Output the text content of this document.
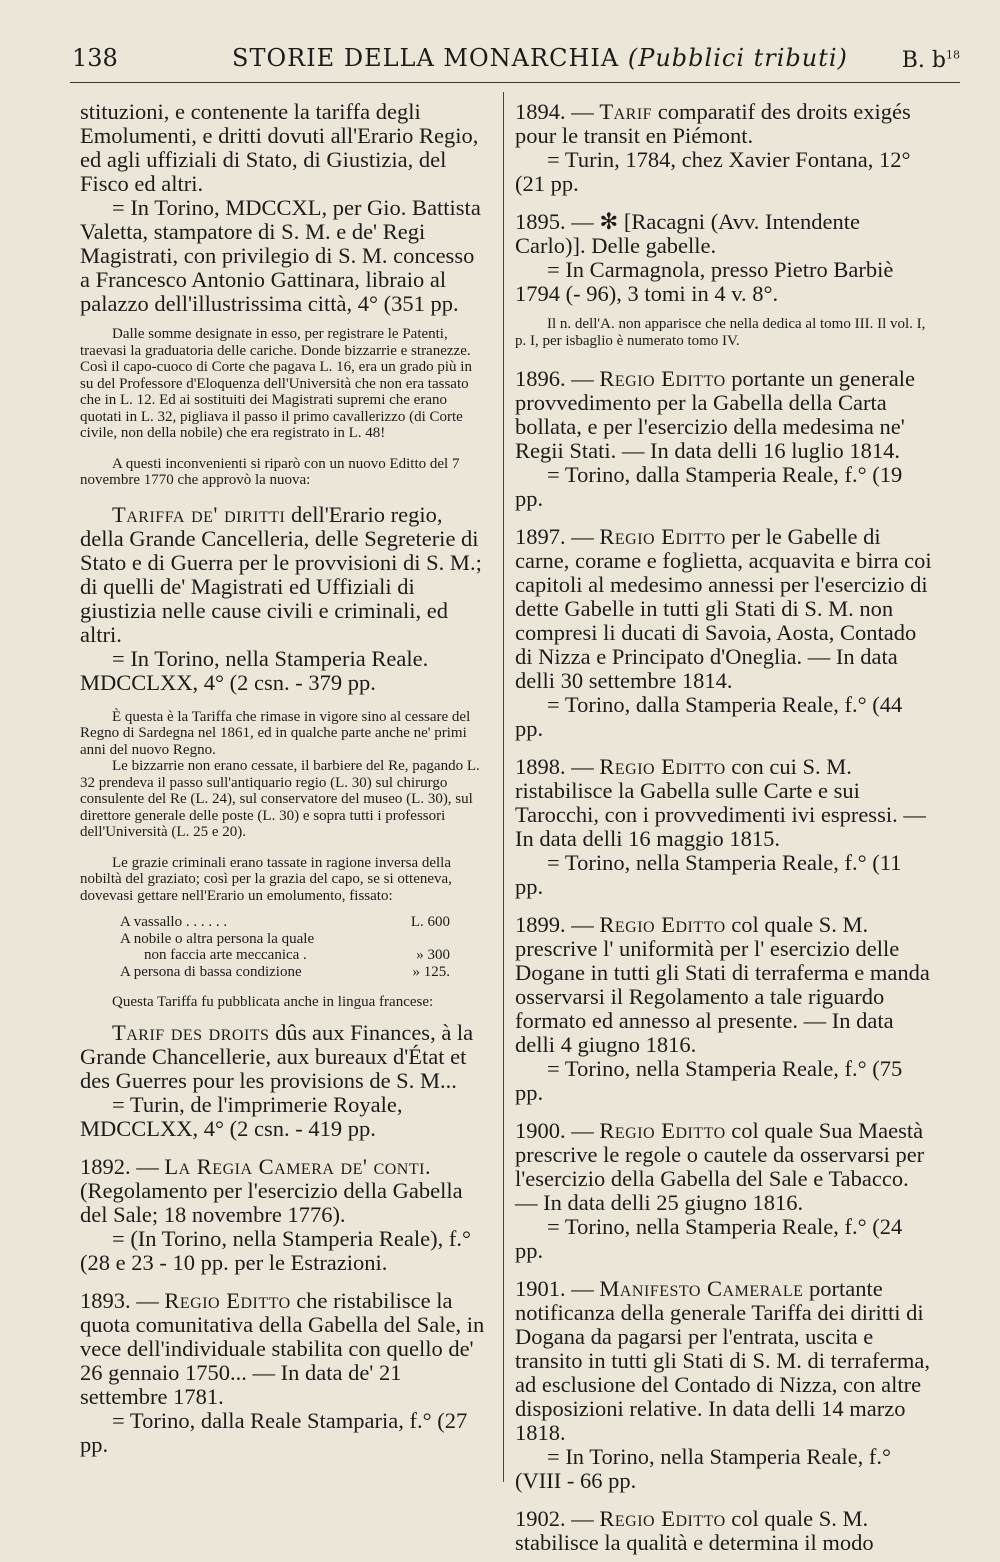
138	STORIE DELLA MONARCHIA (Pubblici tributi) B. $b^{18}$

stituzioni, e contenente la tariffa degli Emolumenti, e dritti dovuti all'Erario Regio, ed agli uffiziali di Stato, di Giustizia, del Fisco ed altri.

= In Torino, MDCCXL, per Gio. Battista Valetta, stampatore di S. M. e de' Regi Magistrati, con privilegio di S. M. concesso a Francesco Antonio Gattinara, libraio al palazzo dell'illustrissima città, 4° (351 pp.

Dalle somme designate in esso, per registrare le Patenti, traevasi la graduatoria delle cariche. Donde bizzarrie e stranezze. Così il capo-cuoco di Corte che pagava L. 16, era un grado più in su del Professore d'Eloquenza dell'Università che non era tassato che in L. 12. Ed ai sostituiti dei Magistrati supremi che erano quotati in L. 32, pigliava il passo il primo cavallerizzo (di Corte civile, non della nobile) che era registrato in L. 48!

A questi inconvenienti si riparò con un nuovo Editto del 7 novembre 1770 che approvò la nuova:

Tariffa de' diritti dell'Erario regio, della Grande Cancelleria, delle Segreterie di Stato e di Guerra per le provvisioni di S. M.; di quelli de' Magistrati ed Uffiziali di giustizia nelle cause civili e criminali, ed altri.

= In Torino, nella Stamperia Reale. MDCCLXX, 4° (2 csn. - 379 pp.

È questa è la Tariffa che rimase in vigore sino al cessare del Regno di Sardegna nel 1861, ed in qualche parte anche ne' primi anni del nuovo Regno.

Le bizzarrie non erano cessate, il barbiere del Re, pagando L. 32 prendeva il passo sull'antiquario regio (L. 30) sul chirurgo consulente del Re (L. 24), sul conservatore del museo (L. 30), sul direttore generale delle poste (L. 30) e sopra tutti i professori dell'Università (L. 25 e 20).

Le grazie criminali erano tassate in ragione inversa della nobiltà del graziato; così per la grazia del capo, se si otteneva, dovevasi gettare nell'Erario un emolumento, fissato:

A vassallo . . . . . .	L. 600
A nobile o altra persona la quale
non faccia arte meccanica .	» 300
A persona di bassa condizione	» 125.

Questa Tariffa fu pubblicata anche in lingua francese:

Tarif des droits dûs aux Finances, à la Grande Chancellerie, aux bureaux d'État et des Guerres pour les provisions de S. M...

= Turin, de l'imprimerie Royale, MDCCLXX, 4° (2 csn. - 419 pp.

1892. — La Regia Camera de' conti. (Regolamento per l'esercizio della Gabella del Sale; 18 novembre 1776).

= (In Torino, nella Stamperia Reale), f.° (28 e 23 - 10 pp. per le Estrazioni.

1893. — Regio Editto che ristabilisce la quota comunitativa della Gabella del Sale, in vece dell'individuale stabilita con quello de' 26 gennaio 1750... — In data de' 21 settembre 1781.

= Torino, dalla Reale Stamparia, f.° (27 pp.

1894. — Tarif comparatif des droits exigés pour le transit en Piémont.

= Turin, 1784, chez Xavier Fontana, 12° (21 pp.

1895. — ✻ [Racagni (Avv. Intendente Carlo)]. Delle gabelle.

= In Carmagnola, presso Pietro Barbiè 1794 (- 96), 3 tomi in 4 v. 8°.

Il n. dell'A. non apparisce che nella dedica al tomo III. Il vol. I, p. I, per isbaglio è numerato tomo IV.

1896. — Regio Editto portante un generale provvedimento per la Gabella della Carta bollata, e per l'esercizio della medesima ne' Regii Stati. — In data delli 16 luglio 1814.

= Torino, dalla Stamperia Reale, f.° (19 pp.

1897. — Regio Editto per le Gabelle di carne, corame e foglietta, acquavita e birra coi capitoli al medesimo annessi per l'esercizio di dette Gabelle in tutti gli Stati di S. M. non compresi li ducati di Savoia, Aosta, Contado di Nizza e Principato d'Oneglia. — In data delli 30 settembre 1814.

= Torino, dalla Stamperia Reale, f.° (44 pp.

1898. — Regio Editto con cui S. M. ristabilisce la Gabella sulle Carte e sui Tarocchi, con i provvedimenti ivi espressi. — In data delli 16 maggio 1815.

= Torino, nella Stamperia Reale, f.° (11 pp.

1899. — Regio Editto col quale S. M. prescrive l' uniformità per l' esercizio delle Dogane in tutti gli Stati di terraferma e manda osservarsi il Regolamento a tale riguardo formato ed annesso al presente. — In data delli 4 giugno 1816.

= Torino, nella Stamperia Reale, f.° (75 pp.

1900. — Regio Editto col quale Sua Maestà prescrive le regole o cautele da osservarsi per l'esercizio della Gabella del Sale e Tabacco. — In data delli 25 giugno 1816.

= Torino, nella Stamperia Reale, f.° (24 pp.

1901. — Manifesto Camerale portante notificanza della generale Tariffa dei diritti di Dogana da pagarsi per l'entrata, uscita e transito in tutti gli Stati di S. M. di terraferma, ad esclusione del Contado di Nizza, con altre disposizioni relative. In data delli 14 marzo 1818.

= In Torino, nella Stamperia Reale, f.° (VIII - 66 pp.

1902. — Regio Editto col quale S. M. stabilisce la qualità e determina il modo
